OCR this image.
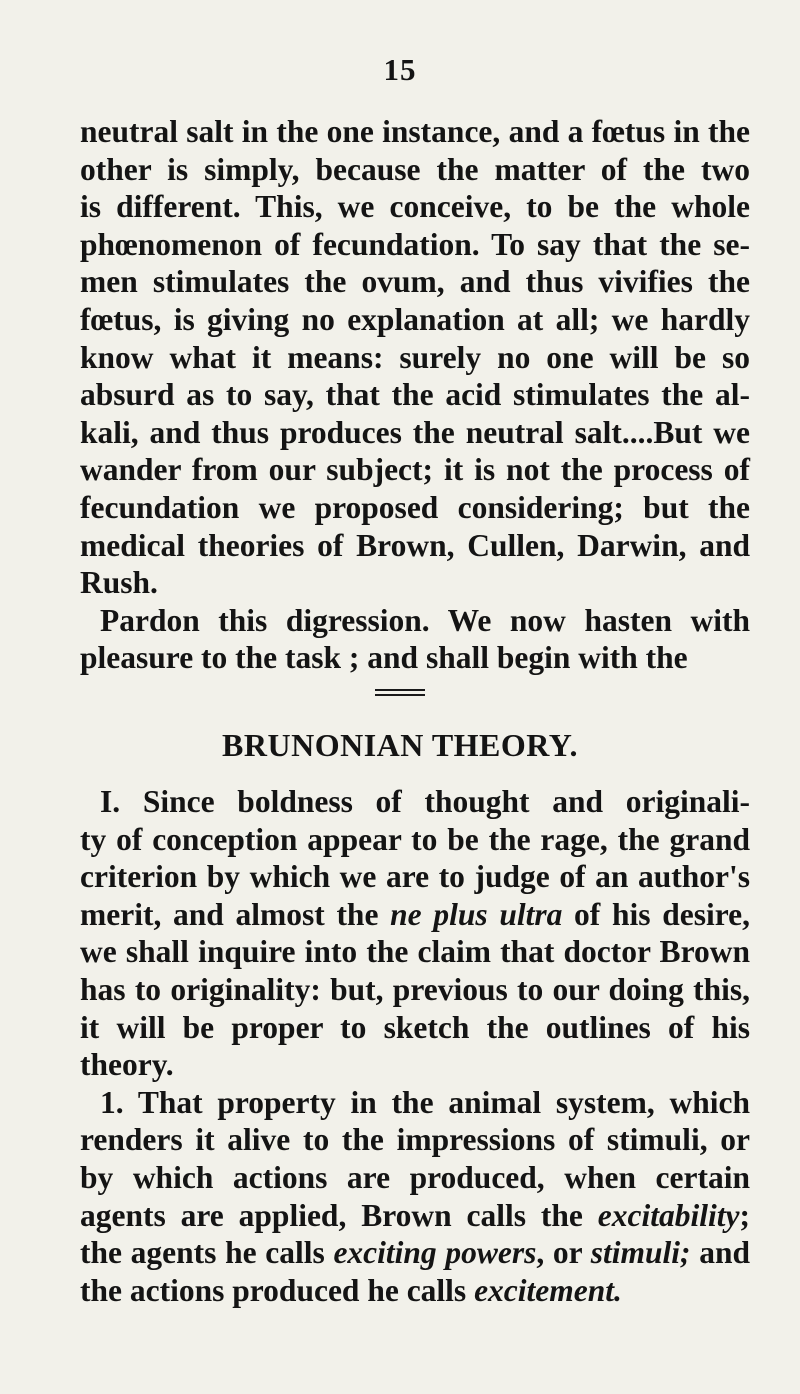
15
neutral salt in the one instance, and a fœtus in the
other is simply, because the matter of the two
is different. This, we conceive, to be the whole
phœnomenon of fecundation. To say that the se-
men stimulates the ovum, and thus vivifies the
fœtus, is giving no explanation at all; we hardly
know what it means: surely no one will be so
absurd as to say, that the acid stimulates the al-
kali, and thus produces the neutral salt....But we
wander from our subject; it is not the process of
fecundation we proposed considering; but the
medical theories of Brown, Cullen, Darwin, and
Rush.
Pardon this digression. We now hasten with
pleasure to the task ; and shall begin with the
BRUNONIAN THEORY.
I. Since boldness of thought and originali-
ty of conception appear to be the rage, the grand
criterion by which we are to judge of an author's
merit, and almost the ne plus ultra of his desire,
we shall inquire into the claim that doctor Brown
has to originality: but, previous to our doing this,
it will be proper to sketch the outlines of his
theory.
1. That property in the animal system, which
renders it alive to the impressions of stimuli, or
by which actions are produced, when certain
agents are applied, Brown calls the excitability;
the agents he calls exciting powers, or stimuli; and
the actions produced he calls excitement.
